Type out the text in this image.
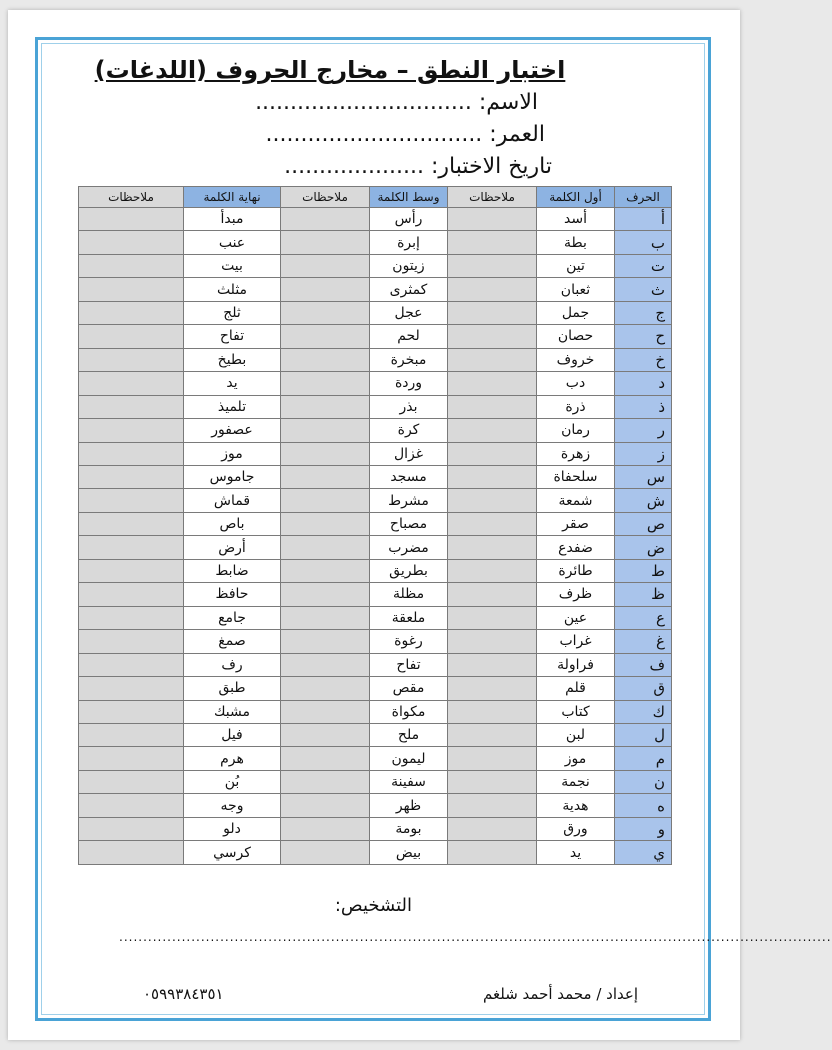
اختبار النطق – مخارج الحروف (اللدغات)
الاسم: ...............................
العمر: ...............................
تاريخ الاختبار: ....................
الحرف	أول الكلمة	ملاحظات	وسط الكلمة	ملاحظات	نهاية الكلمة	ملاحظات
أ	أسد		رأس		مبدأ	
ب	بطة		إبرة		عنب	
ت	تين		زيتون		بيت	
ث	ثعبان		كمثرى		مثلث	
ج	جمل		عجل		ثلج	
ح	حصان		لحم		تفاح	
خ	خروف		مبخرة		بطيخ	
د	دب		وردة		يد	
ذ	ذرة		بذر		تلميذ	
ر	رمان		كرة		عصفور	
ز	زهرة		غزال		موز	
س	سلحفاة		مسجد		جاموس	
ش	شمعة		مشرط		قماش	
ص	صقر		مصباح		باص	
ض	ضفدع		مضرب		أرض	
ط	طائرة		بطريق		ضابط	
ظ	ظرف		مظلة		حافظ	
ع	عين		ملعقة		جامع	
غ	غراب		رغوة		صمغ	
ف	فراولة		تفاح		رف	
ق	قلم		مقص		طبق	
ك	كتاب		مكواة		مشبك	
ل	لبن		ملح		فيل	
م	موز		ليمون		هرم	
ن	نجمة		سفينة		بُن	
ه	هدية		ظهر		وجه	
و	ورق		بومة		دلو	
ي	يد		بيض		كرسي	
التشخيص:
....................................................................................................................................................
إعداد / محمد أحمد شلغم
٠٥٩٩٣٨٤٣٥١
